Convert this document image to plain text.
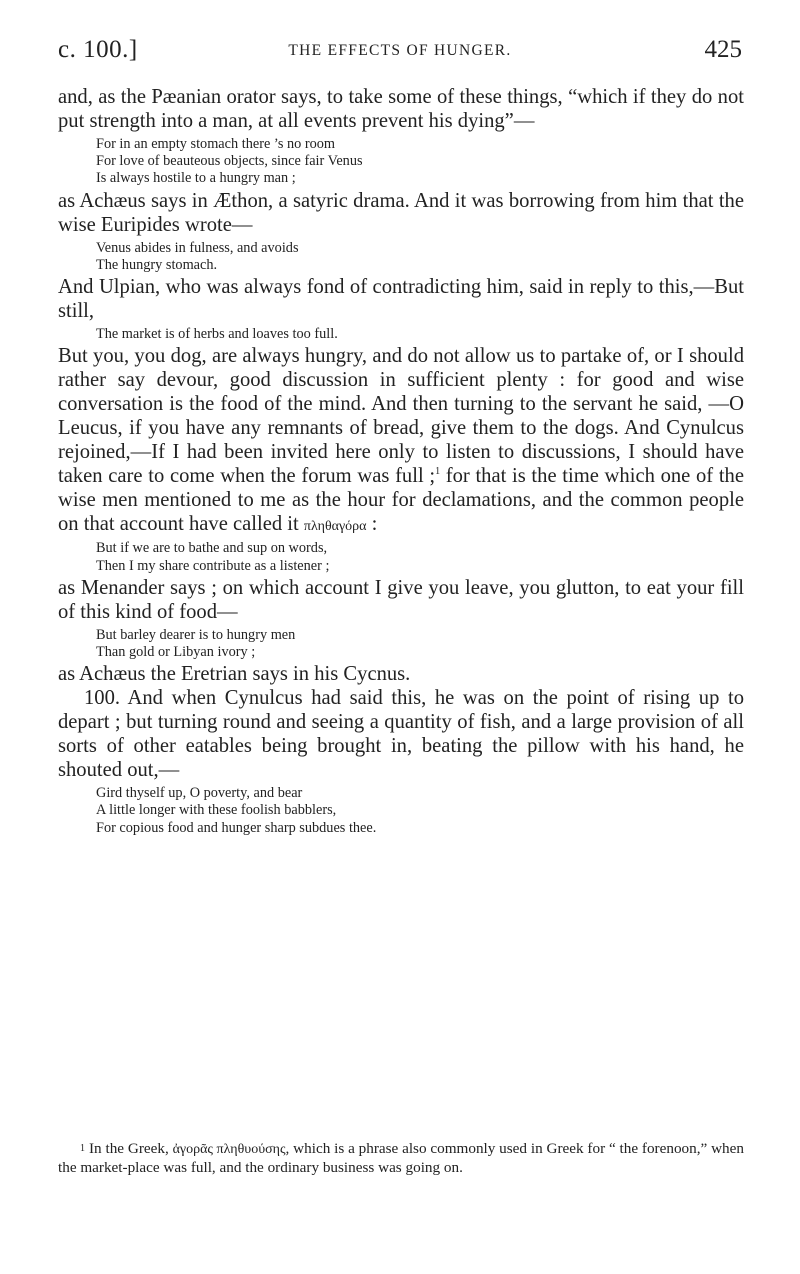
c. 100.]	THE EFFECTS OF HUNGER.	425

and, as the Pæanian orator says, to take some of these things, “which if they do not put strength into a man, at all events prevent his dying”—

For in an empty stomach there ’s no room
For love of beauteous objects, since fair Venus
Is always hostile to a hungry man ;

as Achæus says in Æthon, a satyric drama. And it was borrowing from him that the wise Euripides wrote—

Venus abides in fulness, and avoids
The hungry stomach.

And Ulpian, who was always fond of contradicting him, said in reply to this,—But still,

The market is of herbs and loaves too full.

But you, you dog, are always hungry, and do not allow us to partake of, or I should rather say devour, good discussion in sufficient plenty : for good and wise conversation is the food of the mind. And then turning to the servant he said, —O Leucus, if you have any remnants of bread, give them to the dogs. And Cynulcus rejoined,—If I had been invited here only to listen to discussions, I should have taken care to come when the forum was full ;$^1$ for that is the time which one of the wise men mentioned to me as the hour for declamations, and the common people on that account have called it πληθαγόρα :

But if we are to bathe and sup on words,
Then I my share contribute as a listener ;

as Menander says ; on which account I give you leave, you glutton, to eat your fill of this kind of food—

But barley dearer is to hungry men
Than gold or Libyan ivory ;

as Achæus the Eretrian says in his Cycnus.

100. And when Cynulcus had said this, he was on the point of rising up to depart ; but turning round and seeing a quantity of fish, and a large provision of all sorts of other eatables being brought in, beating the pillow with his hand, he shouted out,—

Gird thyself up, O poverty, and bear
A little longer with these foolish babblers,
For copious food and hunger sharp subdues thee.
$^1$ In the Greek, ἀγορᾶς πληθυούσης, which is a phrase also commonly used in Greek for “ the forenoon,” when the market-place was full, and the ordinary business was going on.
